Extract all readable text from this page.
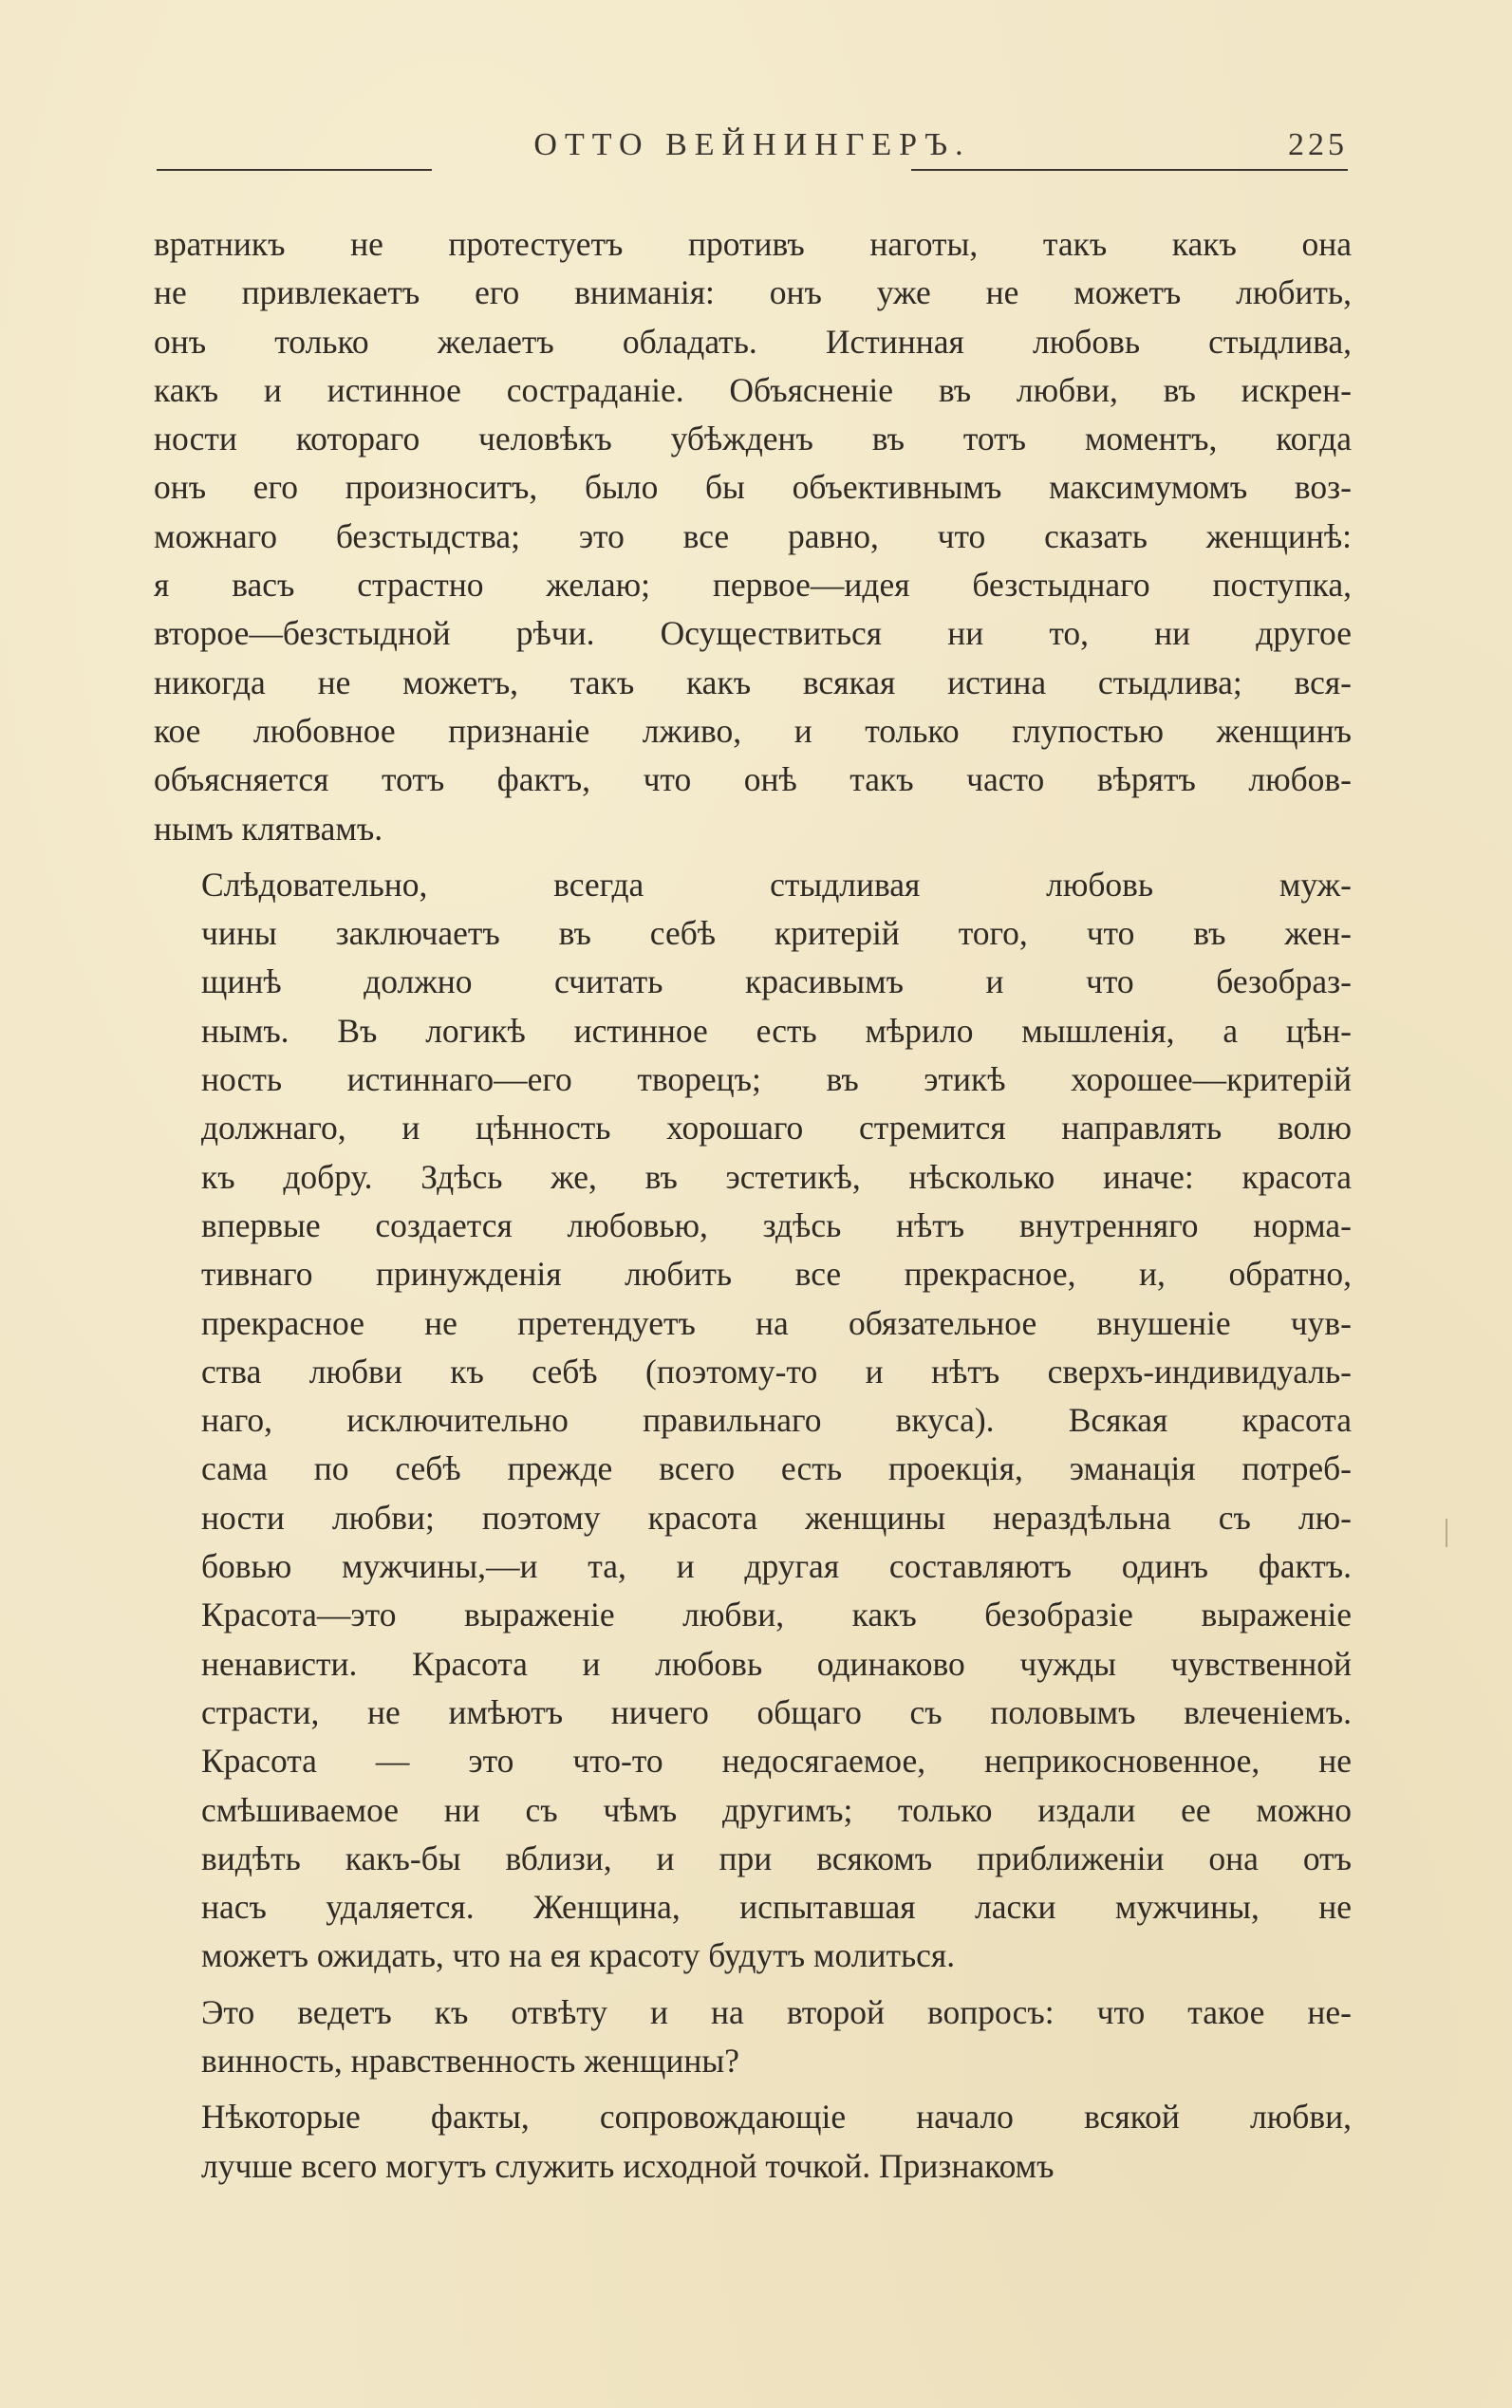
ОТТО ВЕЙНИНГЕРЪ.	225

вратникъ не протестуетъ противъ наготы, такъ какъ она
не привлекаетъ его вниманія: онъ уже не можетъ любить,
онъ только желаетъ обладать. Истинная любовь стыдлива,
какъ и истинное состраданіе. Объясненіе въ любви, въ искрен-
ности котораго человѣкъ убѣжденъ въ тотъ моментъ, когда
онъ его произноситъ, было бы объективнымъ максимумомъ воз-
можнаго безстыдства; это все равно, что сказать женщинѣ:
я васъ страстно желаю; первое—идея безстыднаго поступка,
второе—безстыдной рѣчи. Осуществиться ни то, ни другое
никогда не можетъ, такъ какъ всякая истина стыдлива; вся-
кое любовное признаніе лживо, и только глупостью женщинъ
объясняется тотъ фактъ, что онѣ такъ часто вѣрятъ любов-
нымъ клятвамъ.

Слѣдовательно, всегда стыдливая любовь муж-
чины заключаетъ въ себѣ критерій того, что въ жен-
щинѣ должно считать красивымъ и что безобраз-
нымъ. Въ логикѣ истинное есть мѣрило мышленія, а цѣн-
ность истиннаго—его творецъ; въ этикѣ хорошее—критерій
должнаго, и цѣнность хорошаго стремится направлять волю
къ добру. Здѣсь же, въ эстетикѣ, нѣсколько иначе: красота
впервые создается любовью, здѣсь нѣтъ внутренняго норма-
тивнаго принужденія любить все прекрасное, и, обратно,
прекрасное не претендуетъ на обязательное внушеніе чув-
ства любви къ себѣ (поэтому-то и нѣтъ сверхъ-индивидуаль-
наго, исключительно правильнаго вкуса). Всякая красота
сама по себѣ прежде всего есть проекція, эманація потреб-
ности любви; поэтому красота женщины нераздѣльна съ лю-
бовью мужчины,—и та, и другая составляютъ одинъ фактъ.
Красота—это выраженіе любви, какъ безобразіе выраженіе
ненависти. Красота и любовь одинаково чужды чувственной
страсти, не имѣютъ ничего общаго съ половымъ влеченіемъ.
Красота — это что-то недосягаемое, неприкосновенное, не
смѣшиваемое ни съ чѣмъ другимъ; только издали ее можно
видѣть какъ-бы вблизи, и при всякомъ приближеніи она отъ
насъ удаляется. Женщина, испытавшая ласки мужчины, не
можетъ ожидать, что на ея красоту будутъ молиться.

Это ведетъ къ отвѣту и на второй вопросъ: что такое не-
винность, нравственность женщины?

Нѣкоторые факты, сопровождающіе начало всякой любви,
лучше всего могутъ служить исходной точкой. Признакомъ
